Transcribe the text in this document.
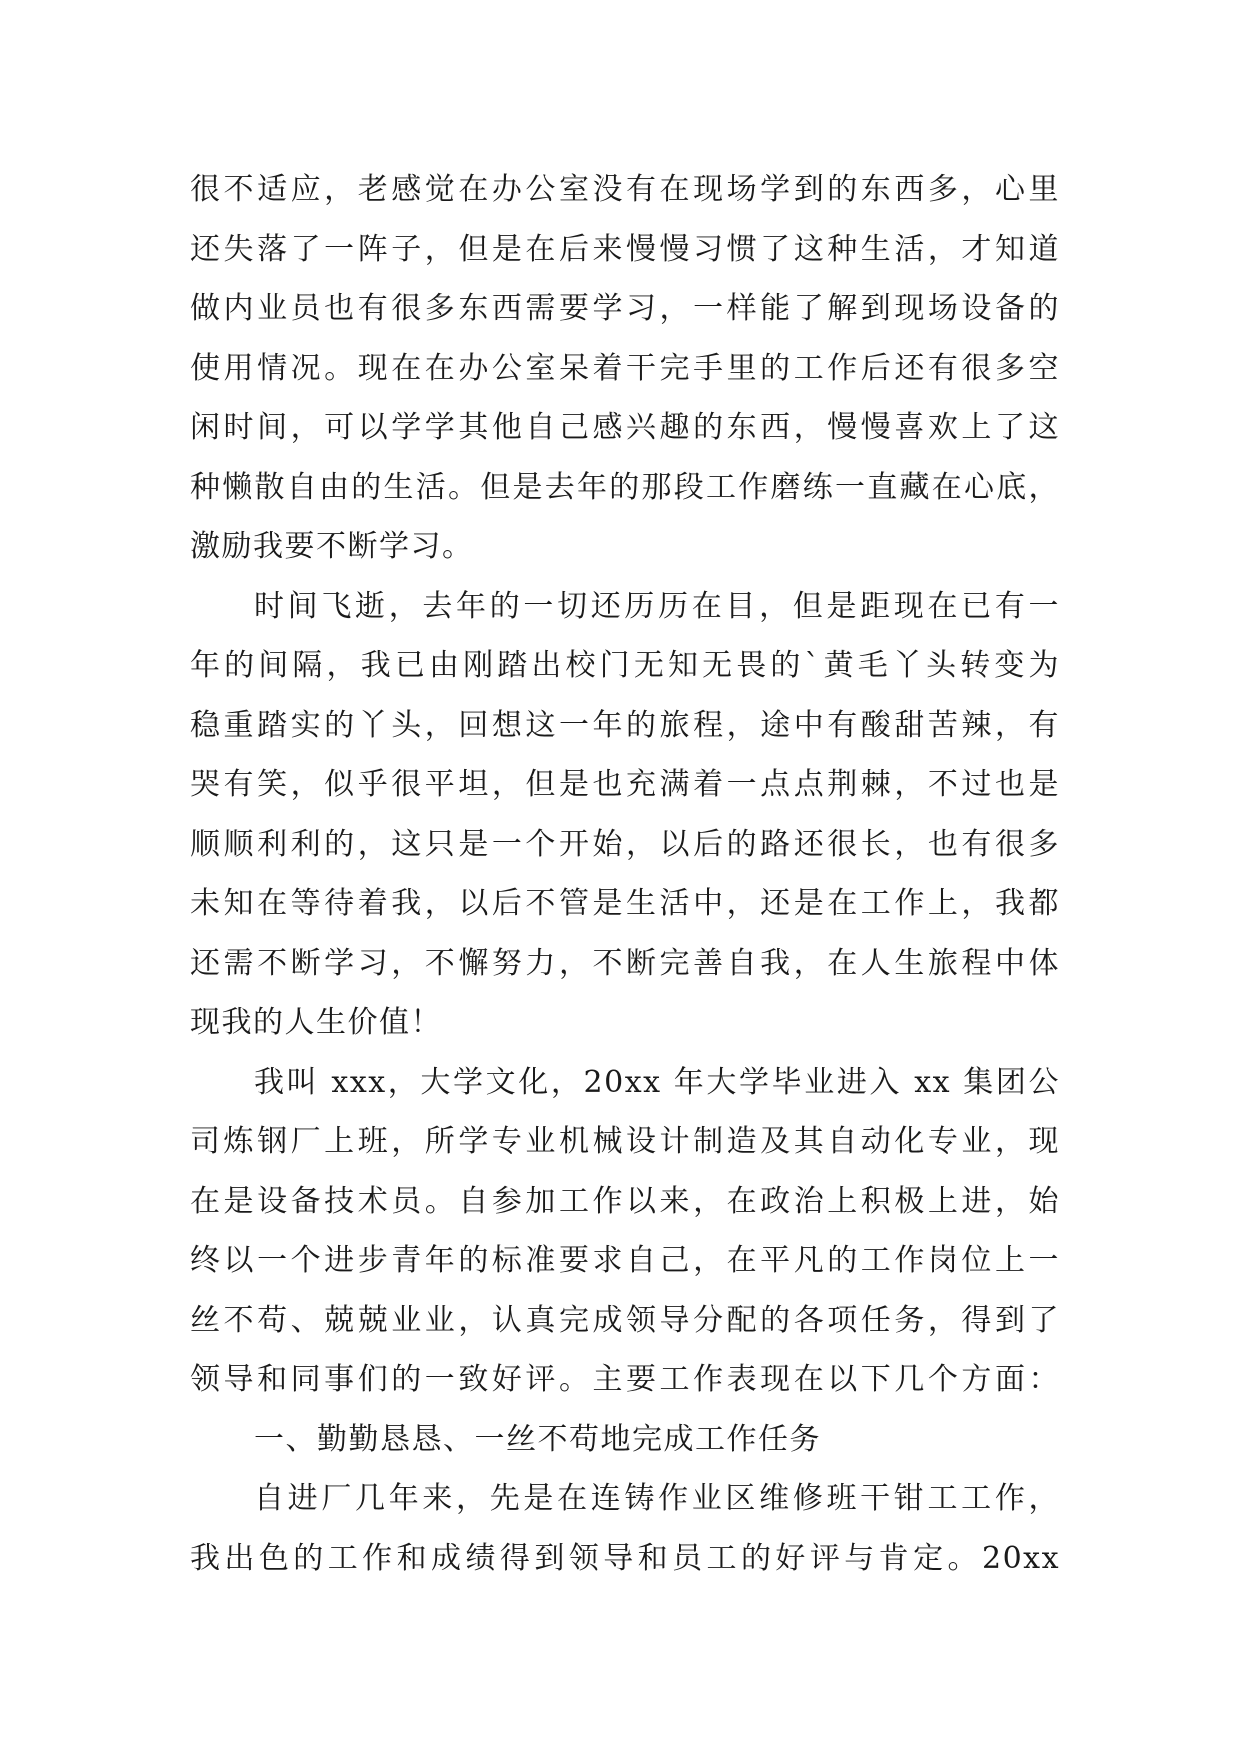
很不适应，老感觉在办公室没有在现场学到的东西多，心里
还失落了一阵子，但是在后来慢慢习惯了这种生活，才知道
做内业员也有很多东西需要学习，一样能了解到现场设备的
使用情况。现在在办公室呆着干完手里的工作后还有很多空
闲时间，可以学学其他自己感兴趣的东西，慢慢喜欢上了这
种懒散自由的生活。但是去年的那段工作磨练一直藏在心底，
激励我要不断学习。
时间飞逝，去年的一切还历历在目，但是距现在已有一
年的间隔，我已由刚踏出校门无知无畏的`黄毛丫头转变为
稳重踏实的丫头，回想这一年的旅程，途中有酸甜苦辣，有
哭有笑，似乎很平坦，但是也充满着一点点荆棘，不过也是
顺顺利利的，这只是一个开始，以后的路还很长，也有很多
未知在等待着我，以后不管是生活中，还是在工作上，我都
还需不断学习，不懈努力，不断完善自我，在人生旅程中体
现我的人生价值！
我叫 xxx，大学文化，20xx 年大学毕业进入 xx 集团公
司炼钢厂上班，所学专业机械设计制造及其自动化专业，现
在是设备技术员。自参加工作以来，在政治上积极上进，始
终以一个进步青年的标准要求自己，在平凡的工作岗位上一
丝不苟、兢兢业业，认真完成领导分配的各项任务，得到了
领导和同事们的一致好评。主要工作表现在以下几个方面：
一、勤勤恳恳、一丝不苟地完成工作任务
自进厂几年来，先是在连铸作业区维修班干钳工工作，
我出色的工作和成绩得到领导和员工的好评与肯定。20xx
